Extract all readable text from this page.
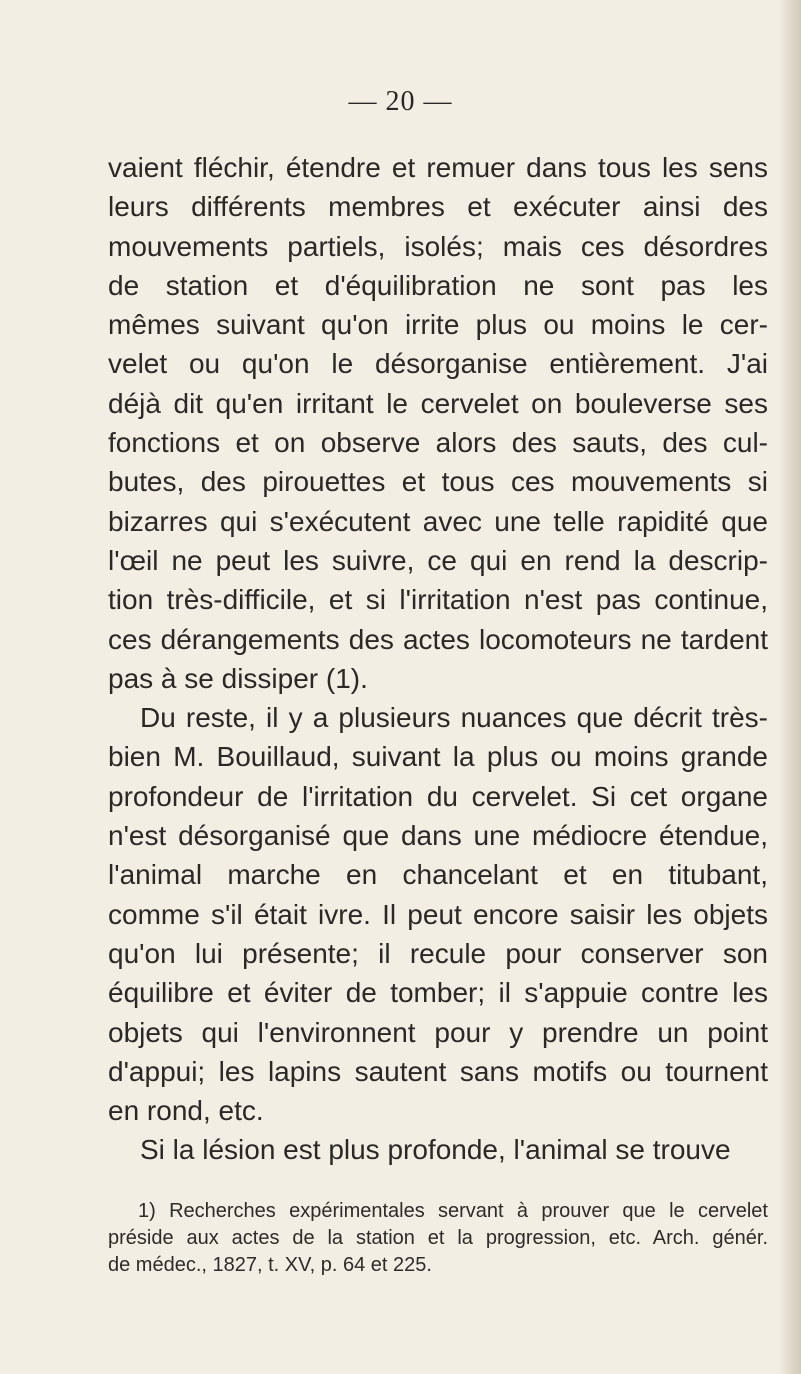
— 20 —
vaient fléchir, étendre et remuer dans tous les sens
leurs différents membres et exécuter ainsi des
mouvements partiels, isolés; mais ces désordres
de station et d'équilibration ne sont pas les
mêmes suivant qu'on irrite plus ou moins le cer-
velet ou qu'on le désorganise entièrement. J'ai
déjà dit qu'en irritant le cervelet on bouleverse ses
fonctions et on observe alors des sauts, des cul-
butes, des pirouettes et tous ces mouvements si
bizarres qui s'exécutent avec une telle rapidité que
l'œil ne peut les suivre, ce qui en rend la descrip-
tion très-difficile, et si l'irritation n'est pas continue,
ces dérangements des actes locomoteurs ne tardent
pas à se dissiper (1).
Du reste, il y a plusieurs nuances que décrit très-
bien M. Bouillaud, suivant la plus ou moins grande
profondeur de l'irritation du cervelet. Si cet organe
n'est désorganisé que dans une médiocre étendue,
l'animal marche en chancelant et en titubant,
comme s'il était ivre. Il peut encore saisir les objets
qu'on lui présente; il recule pour conserver son
équilibre et éviter de tomber; il s'appuie contre les
objets qui l'environnent pour y prendre un point
d'appui; les lapins sautent sans motifs ou tournent
en rond, etc.
Si la lésion est plus profonde, l'animal se trouve
1) Recherches expérimentales servant à prouver que le cervelet
préside aux actes de la station et la progression, etc. Arch. génér.
de médec., 1827, t. XV, p. 64 et 225.
